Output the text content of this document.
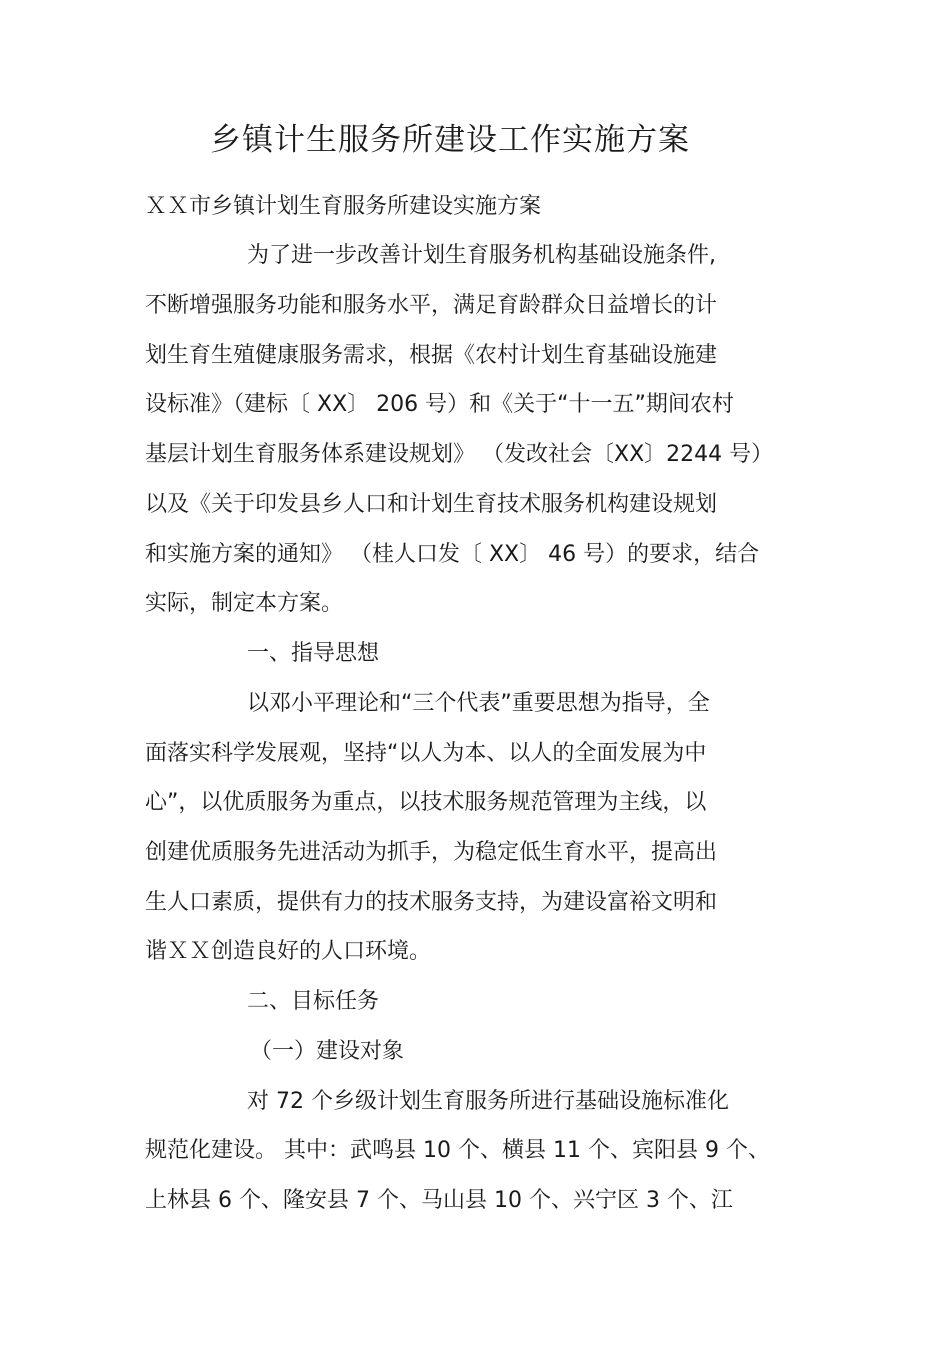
乡镇计生服务所建设工作实施方案
ＸＸ市乡镇计划生育服务所建设实施方案
为了进一步改善计划生育服务机构基础设施条件,
不断增强服务功能和服务水平，满足育龄群众日益增长的计
划生育生殖健康服务需求，根据《农村计划生育基础设施建
设标准》（建标〔 XX〕 206 号）和《关于“十一五”期间农村
基层计划生育服务体系建设规划》 （发改社会〔XX〕2244 号）
以及《关于印发县乡人口和计划生育技术服务机构建设规划
和实施方案的通知》 （桂人口发〔 XX〕 46 号）的要求，结合
实际，制定本方案。
一、指导思想
以邓小平理论和“三个代表”重要思想为指导，全
面落实科学发展观，坚持“以人为本、以人的全面发展为中
心”，以优质服务为重点，以技术服务规范管理为主线，以
创建优质服务先进活动为抓手，为稳定低生育水平，提高出
生人口素质，提供有力的技术服务支持，为建设富裕文明和
谐ＸＸ创造良好的人口环境。
二、目标任务
（一）建设对象
对 72 个乡级计划生育服务所进行基础设施标准化
规范化建设。 其中：武鸣县 10 个、横县 11 个、宾阳县 9 个、
上林县 6 个、隆安县 7 个、马山县 10 个、兴宁区 3 个、江
